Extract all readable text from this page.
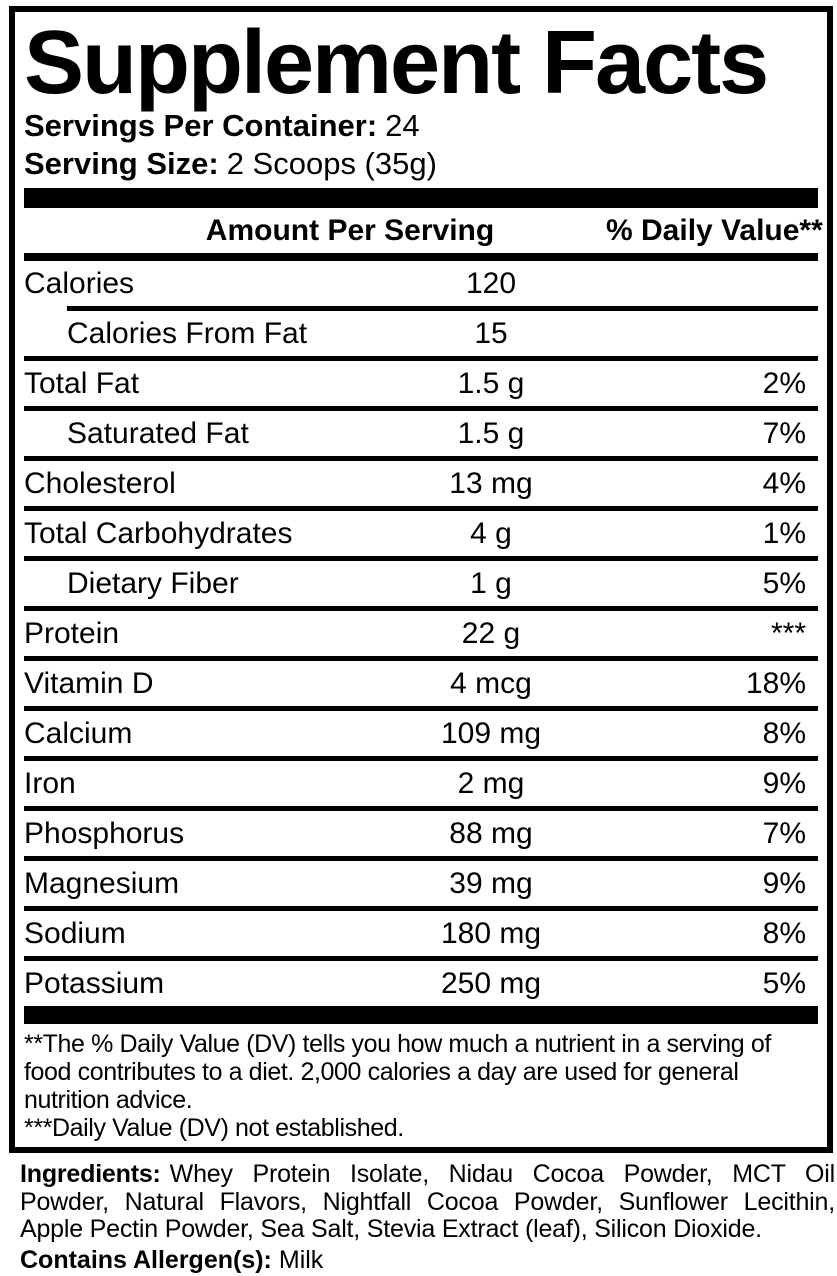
Supplement Facts
Servings Per Container: 24
Serving Size: 2 Scoops (35g)
Amount Per Serving	% Daily Value**
Calories	120
Calories From Fat	15
Total Fat	1.5 g	2%
Saturated Fat	1.5 g	7%
Cholesterol	13 mg	4%
Total Carbohydrates	4 g	1%
Dietary Fiber	1 g	5%
Protein	22 g	***
Vitamin D	4 mcg	18%
Calcium	109 mg	8%
Iron	2 mg	9%
Phosphorus	88 mg	7%
Magnesium	39 mg	9%
Sodium	180 mg	8%
Potassium	250 mg	5%

**The % Daily Value (DV) tells you how much a nutrient in a serving of food contributes to a diet. 2,000 calories a day are used for general nutrition advice.

***Daily Value (DV) not established.

Ingredients: Whey Protein Isolate, Nidau Cocoa Powder, MCT Oil Powder, Natural Flavors, Nightfall Cocoa Powder, Sunflower Lecithin, Apple Pectin Powder, Sea Salt, Stevia Extract (leaf), Silicon Dioxide.

Contains Allergen(s): Milk
